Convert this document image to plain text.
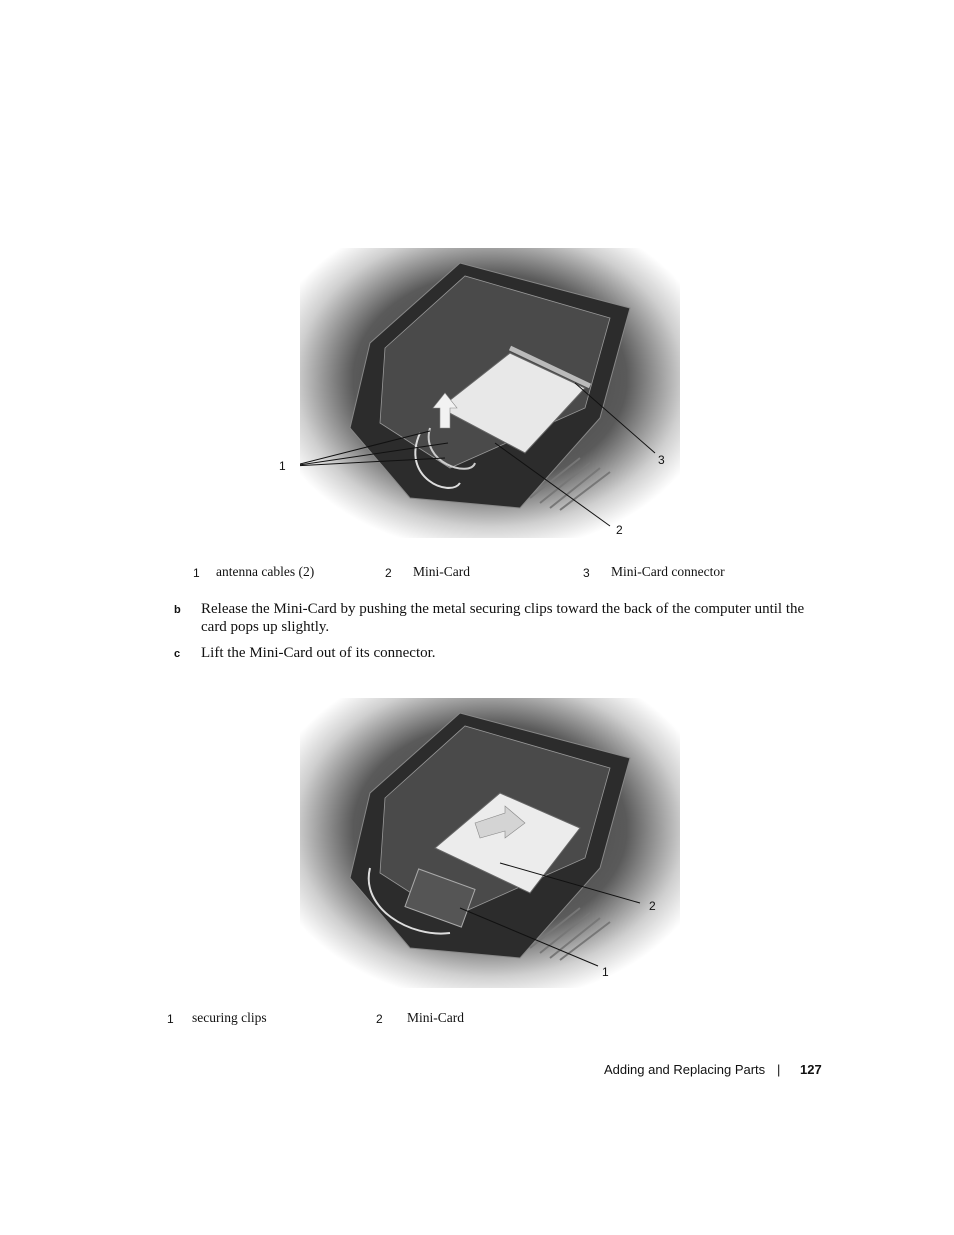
1
2
3
1 antenna cables (2)	2 Mini-Card	3 Mini-Card connector
b Release the Mini-Card by pushing the metal securing clips toward the back of the computer until the card pops up slightly.
c Lift the Mini-Card out of its connector.
2
1
1 securing clips	2 Mini-Card
Adding and Replacing Parts | 127
